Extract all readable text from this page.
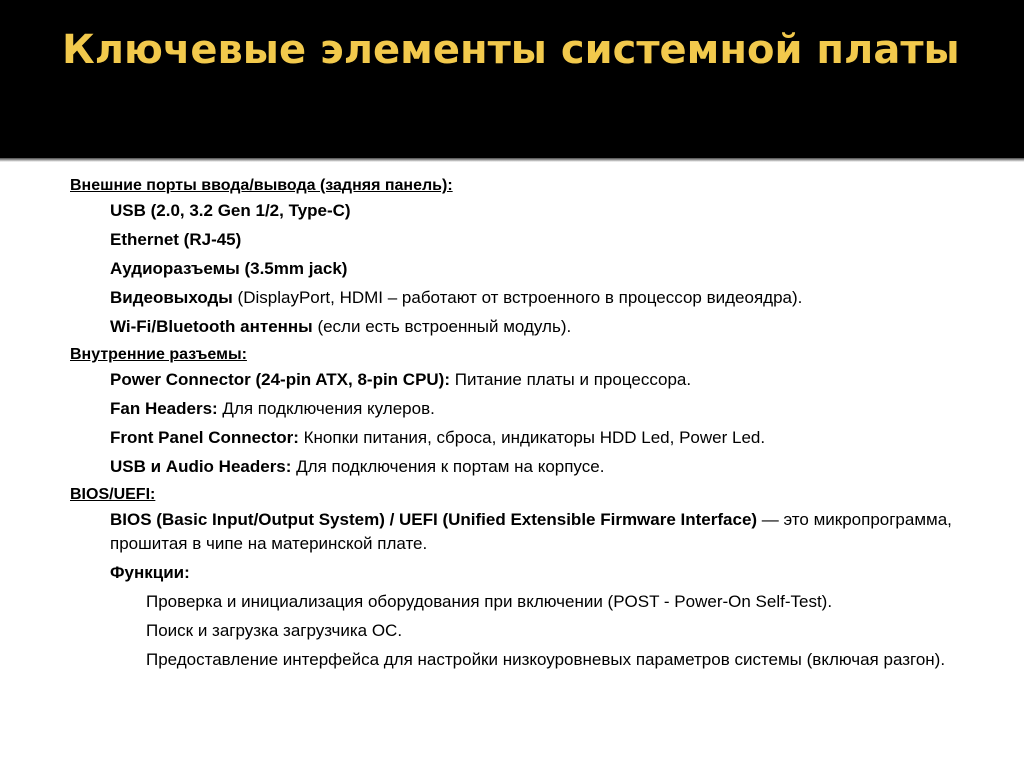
Ключевые элементы системной платы
Внешние порты ввода/вывода (задняя панель):
USB (2.0, 3.2 Gen 1/2, Type-C)
Ethernet (RJ-45)
Аудиоразъемы (3.5mm jack)
Видеовыходы (DisplayPort, HDMI – работают от встроенного в процессор видеоядра).
Wi-Fi/Bluetooth антенны (если есть встроенный модуль).
Внутренние разъемы:
Power Connector (24-pin ATX, 8-pin CPU): Питание платы и процессора.
Fan Headers: Для подключения кулеров.
Front Panel Connector: Кнопки питания, сброса, индикаторы HDD Led, Power Led.
USB и Audio Headers: Для подключения к портам на корпусе.
BIOS/UEFI:
BIOS (Basic Input/Output System) / UEFI (Unified Extensible Firmware Interface) — это микропрограмма, прошитая в чипе на материнской плате.
Функции:
Проверка и инициализация оборудования при включении (POST - Power-On Self-Test).
Поиск и загрузка загрузчика ОС.
Предоставление интерфейса для настройки низкоуровневых параметров системы (включая разгон).
